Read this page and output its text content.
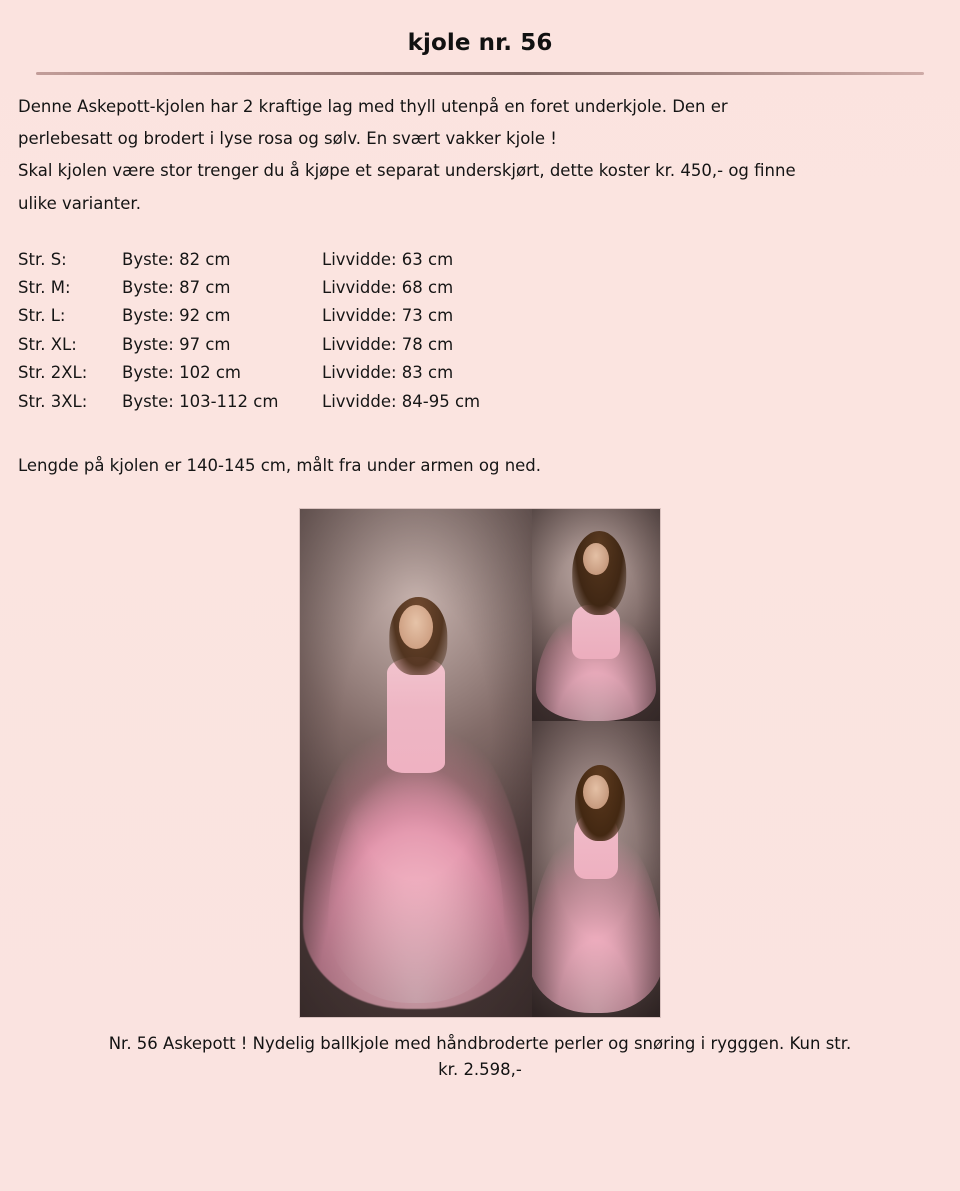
kjole nr. 56
Denne Askepott-kjolen har 2 kraftige lag med thyll utenpå en foret underkjole. Den er
perlebesatt og brodert i lyse rosa og sølv. En svært vakker kjole !
Skal kjolen være stor trenger du å kjøpe et separat underskjørt, dette koster kr. 450,- og finne
ulike varianter.
Str. S:	Byste: 82 cm	Livvidde: 63 cm
Str. M:	Byste: 87 cm	Livvidde: 68 cm
Str. L:	Byste: 92 cm	Livvidde: 73 cm
Str. XL:	Byste: 97 cm	Livvidde: 78 cm
Str. 2XL:	Byste: 102 cm	Livvidde: 83 cm
Str. 3XL:	Byste: 103-112 cm	Livvidde: 84-95 cm
Lengde på kjolen er 140-145 cm, målt fra under armen og ned.
Nr. 56 Askepott ! Nydelig ballkjole med håndbroderte perler og snøring i rygggen. Kun str.
kr. 2.598,-
